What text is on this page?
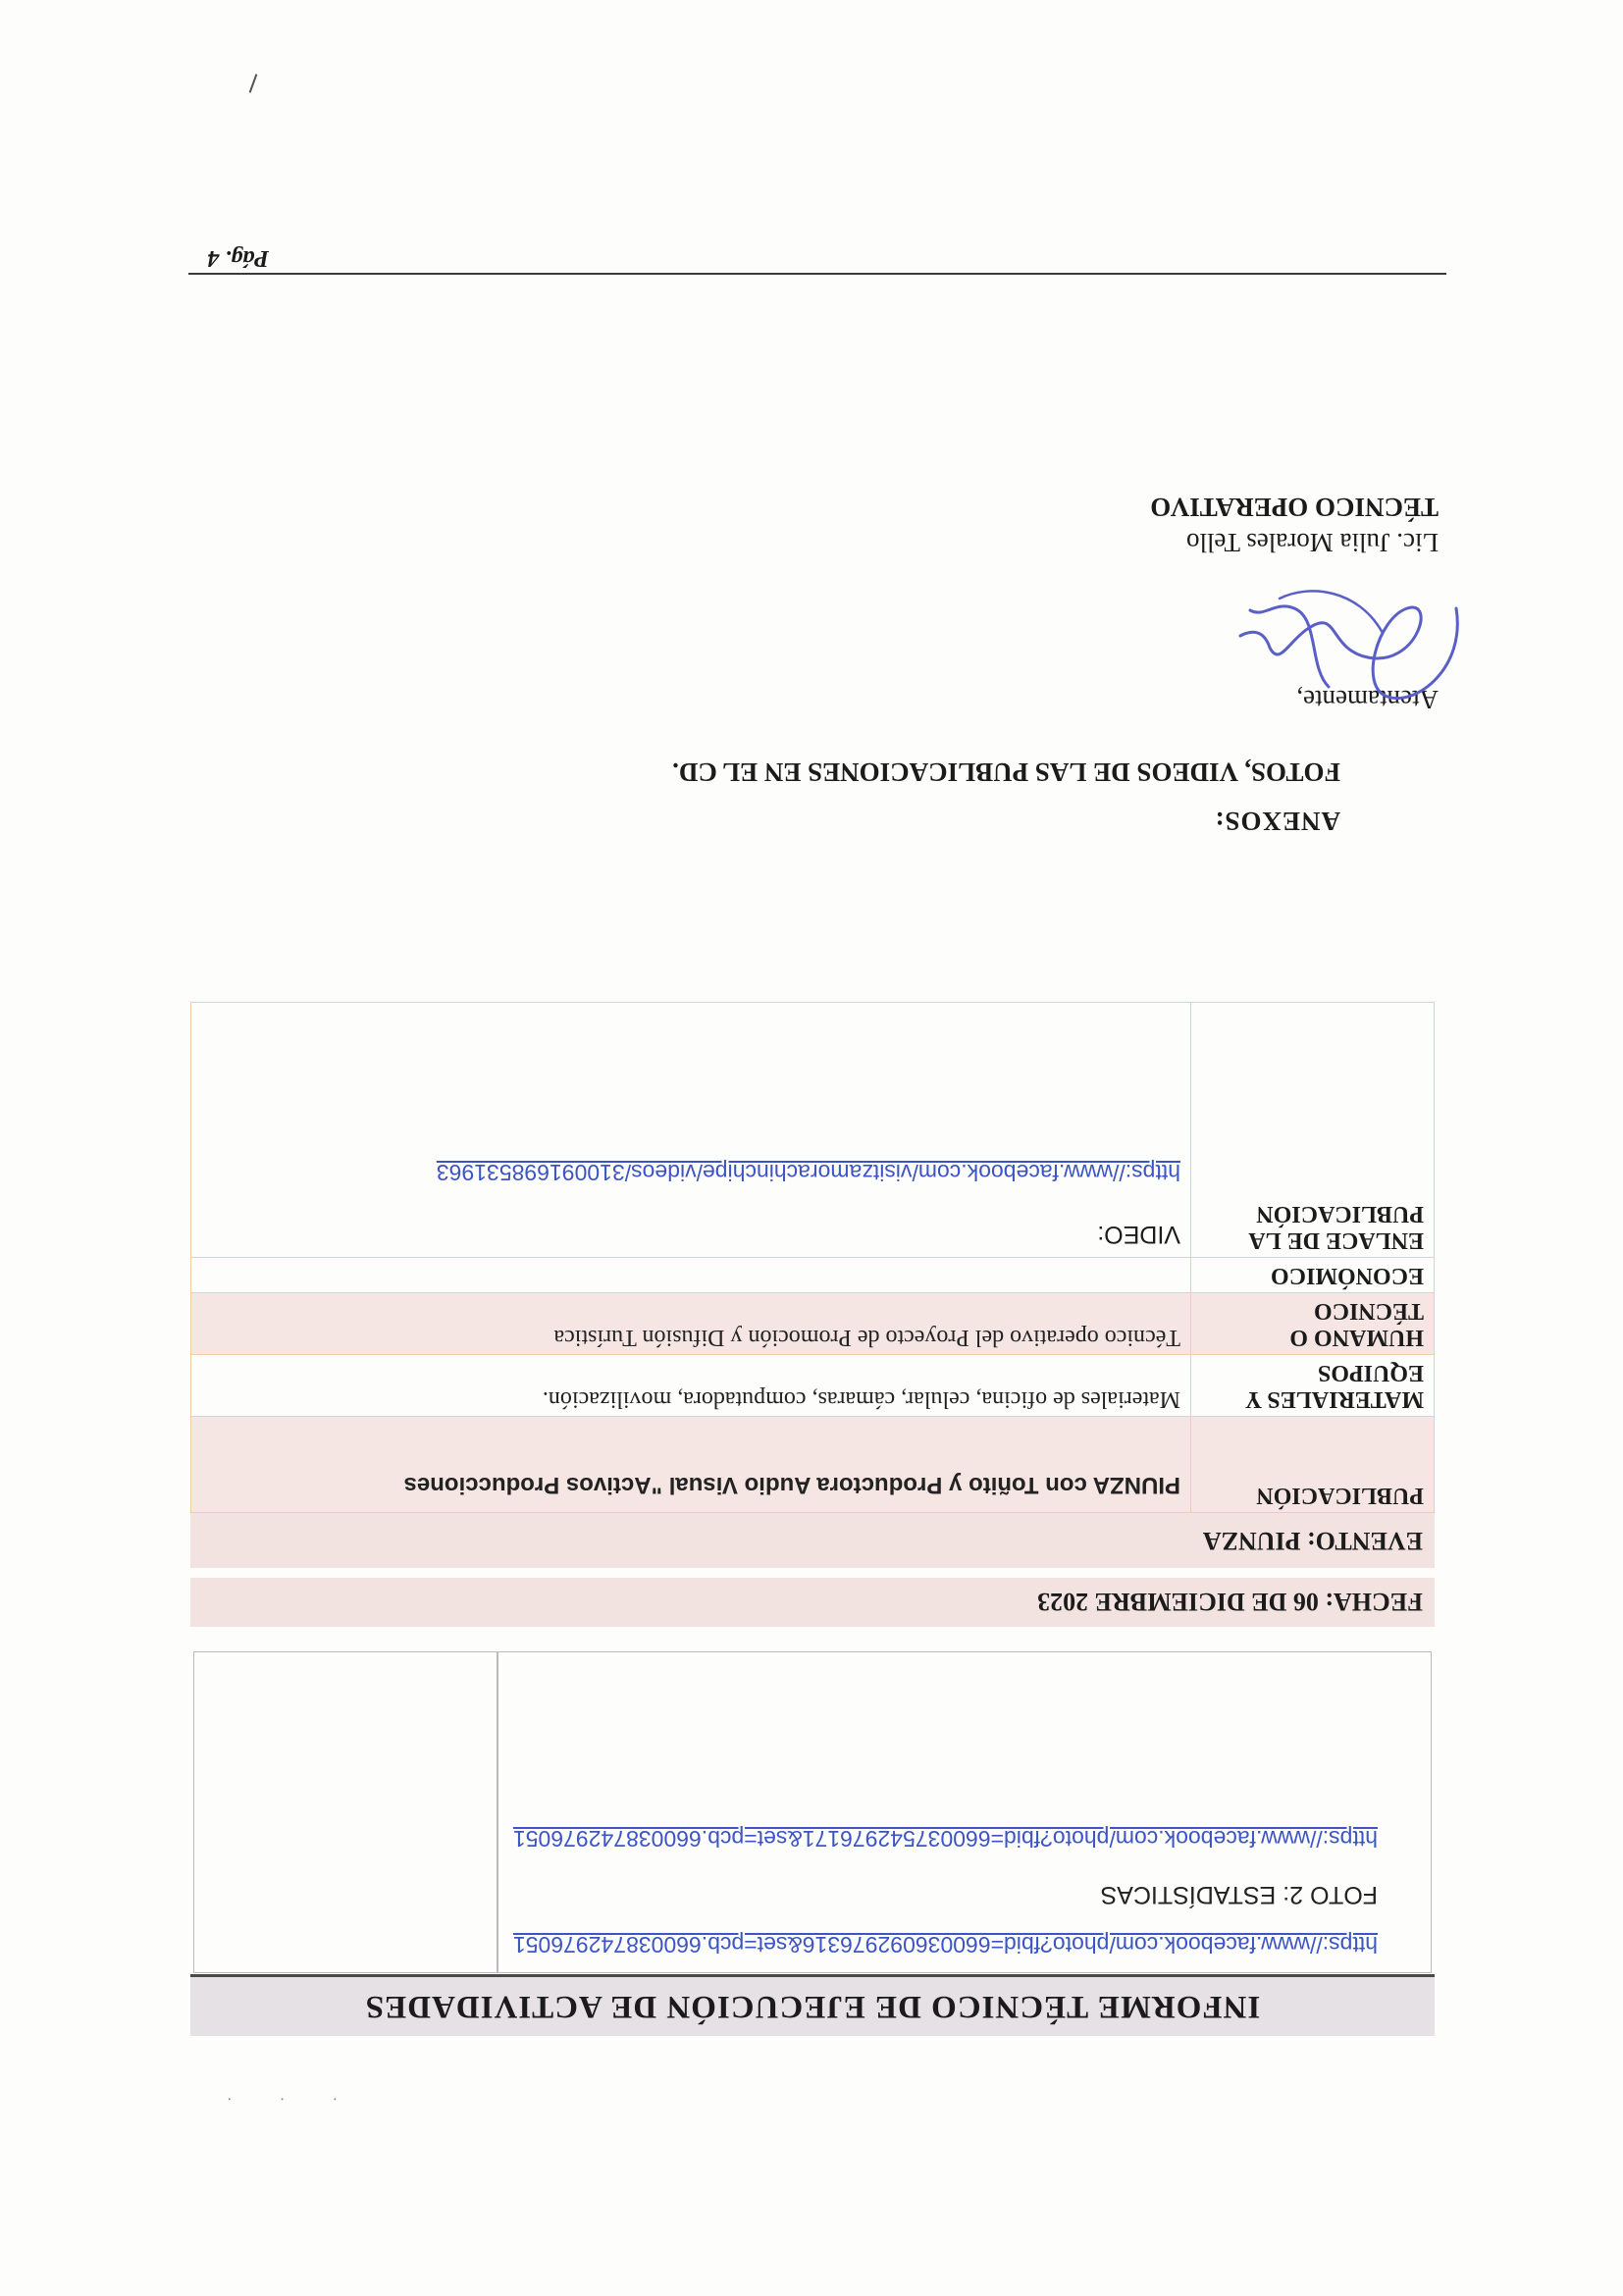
· · ·
INFORME TÉCNICO DE EJECUCIÓN DE ACTIVIDADES
https://www.facebook.com/photo?fbid=660036092976316&set=pcb.660038742976051
FOTO 2: ESTADÍSTICAS
https://www.facebook.com/photo?fbid=660037542976171&set=pcb.660038742976051
FECHA: 06 DE DICIEMBRE 2023
EVENTO: PIUNZA
PUBLICACIÓN	PIUNZA con Toñito y Productora Audio Visual "Activos Producciones
MATERIALES Y EQUIPOS	Materiales de oficina, celular, cámaras, computadora, movilización.
HUMANO O TÉCNICO	Técnico operativo del Proyecto de Promoción y Difusión Turística
ECONÓMICO	
ENLACE DE LA PUBLICACIÓN	VIDEO:
https://www.facebook.com/visitzamorachinchipe/videos/310091698531963
ANEXOS:
FOTOS, VIDEOS DE LAS PUBLICACIONES EN EL CD.
Atentamente,
Lic. Julia Morales Tello
TÉCNICO OPERATIVO
Pág. 4
